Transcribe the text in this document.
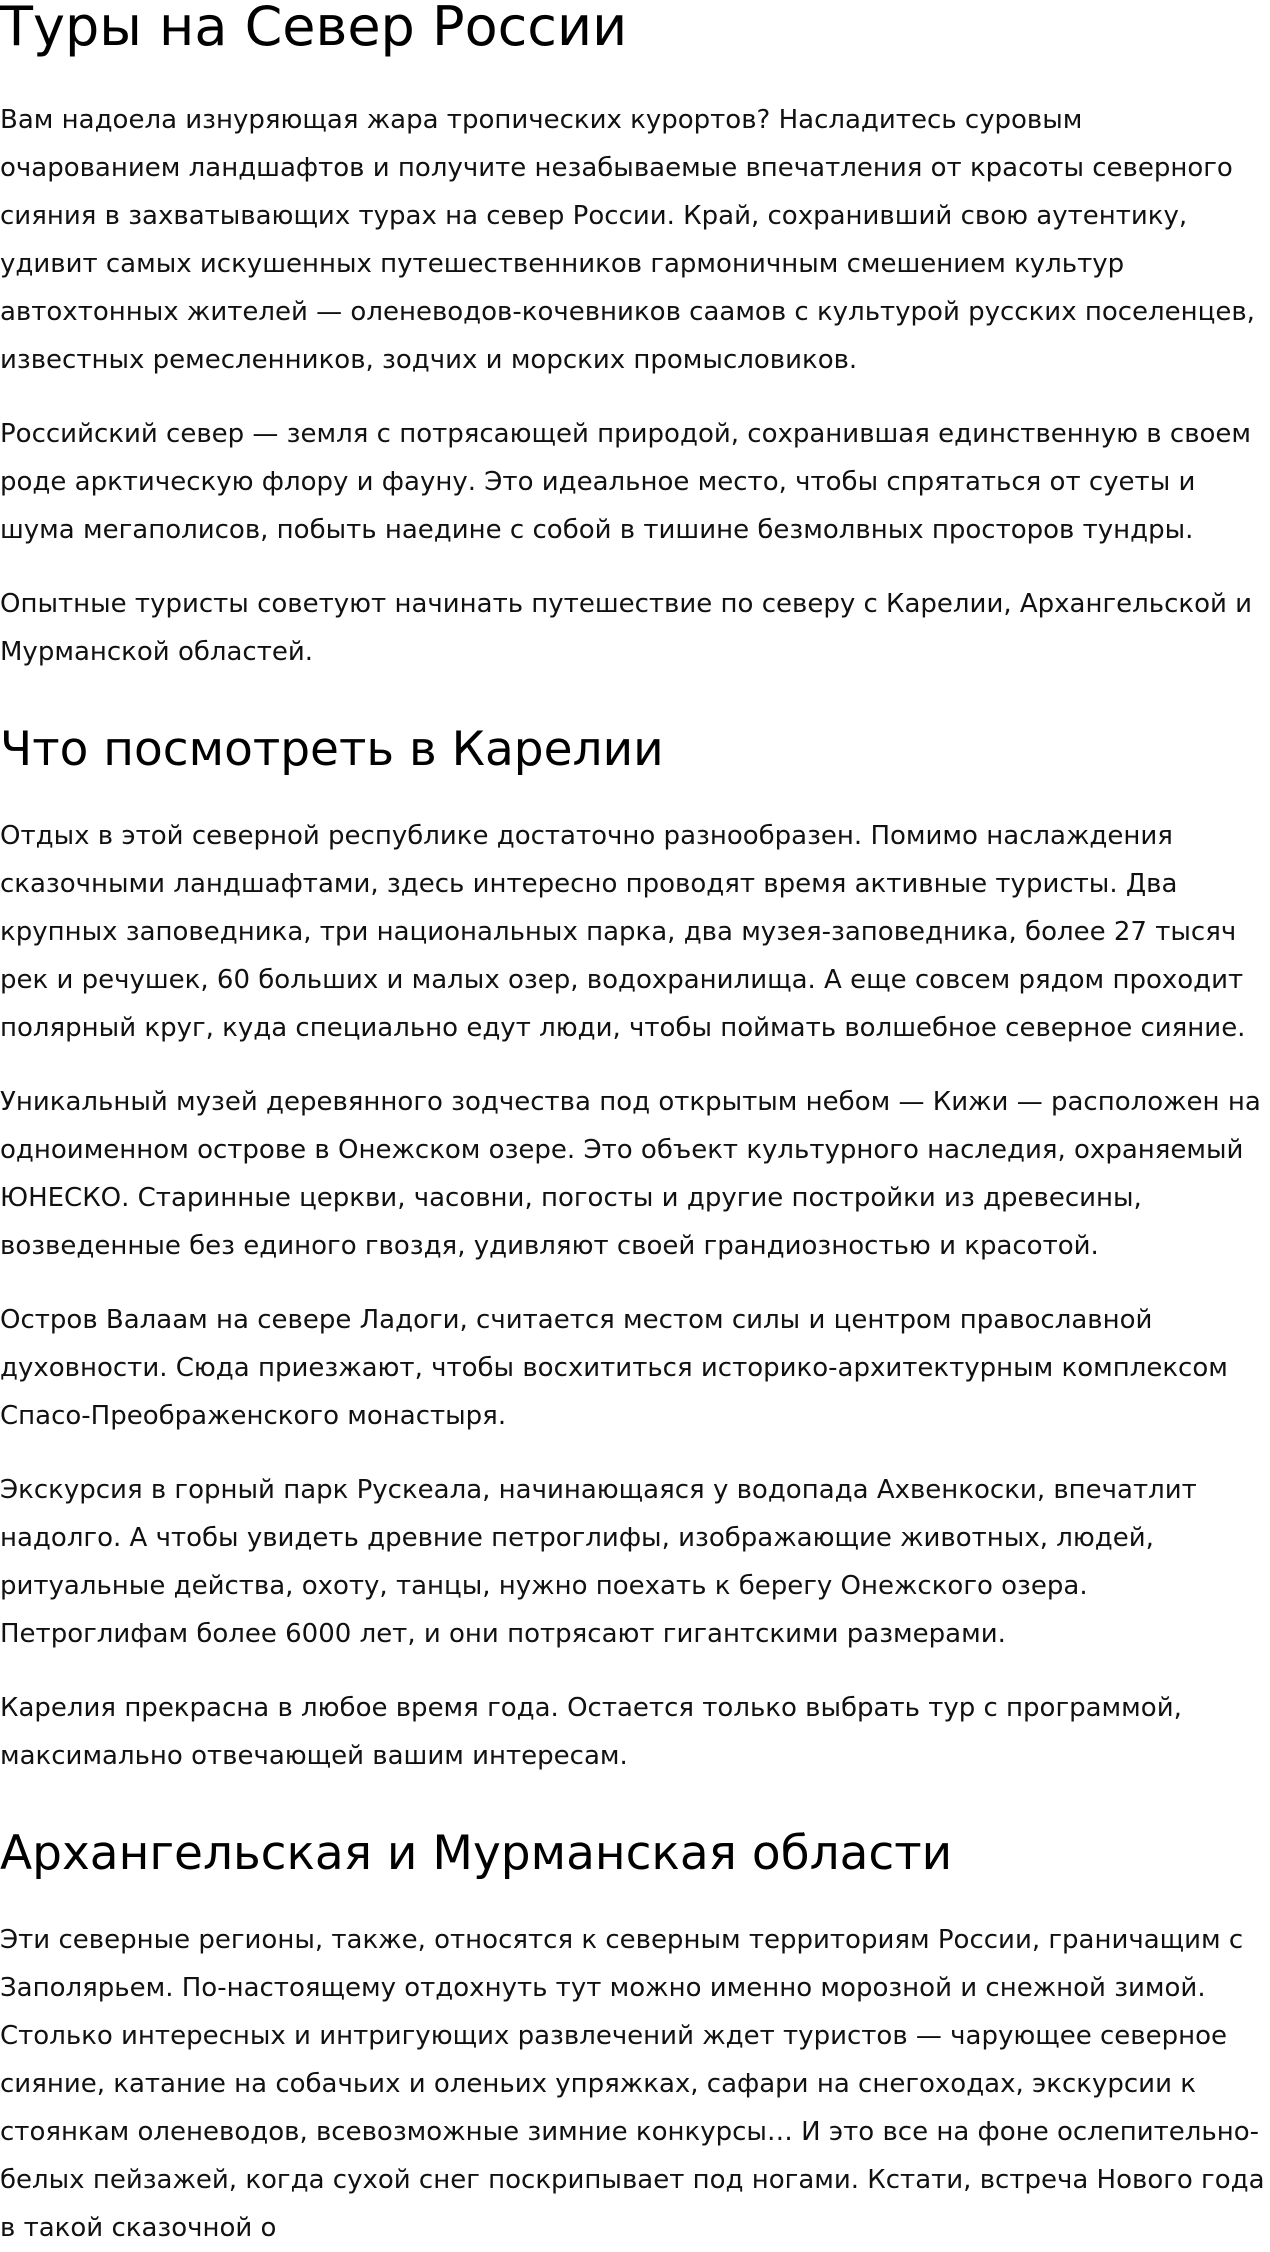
Туры на Север России

Вам надоела изнуряющая жара тропических курортов? Насладитесь суровым очарованием ландшафтов и получите незабываемые впечатления от красоты северного сияния в захватывающих турах на север России. Край, сохранивший свою аутентику, удивит самых искушенных путешественников гармоничным смешением культур автохтонных жителей — оленеводов-кочевников саамов с культурой русских поселенцев, известных ремесленников, зодчих и морских промысловиков.

Российский север — земля с потрясающей природой, сохранившая единственную в своем роде арктическую флору и фауну. Это идеальное место, чтобы спрятаться от суеты и шума мегаполисов, побыть наедине с собой в тишине безмолвных просторов тундры.

Опытные туристы советуют начинать путешествие по северу с Карелии, Архангельской и Мурманской областей.

Что посмотреть в Карелии

Отдых в этой северной республике достаточно разнообразен. Помимо наслаждения сказочными ландшафтами, здесь интересно проводят время активные туристы. Два крупных заповедника, три национальных парка, два музея-заповедника, более 27 тысяч рек и речушек, 60 больших и малых озер, водохранилища. А еще совсем рядом проходит полярный круг, куда специально едут люди, чтобы поймать волшебное северное сияние.

Уникальный музей деревянного зодчества под открытым небом — Кижи — расположен на одноименном острове в Онежском озере. Это объект культурного наследия, охраняемый ЮНЕСКО. Старинные церкви, часовни, погосты и другие постройки из древесины, возведенные без единого гвоздя, удивляют своей грандиозностью и красотой.

Остров Валаам на севере Ладоги, считается местом силы и центром православной духовности. Сюда приезжают, чтобы восхититься историко-архитектурным комплексом Спасо-Преображенского монастыря.

Экскурсия в горный парк Рускеала, начинающаяся у водопада Ахвенкоски, впечатлит надолго. А чтобы увидеть древние петроглифы, изображающие животных, людей, ритуальные действа, охоту, танцы, нужно поехать к берегу Онежского озера. Петроглифам более 6000 лет, и они потрясают гигантскими размерами.

Карелия прекрасна в любое время года. Остается только выбрать тур с программой, максимально отвечающей вашим интересам.

Архангельская и Мурманская области

Эти северные регионы, также, относятся к северным территориям России, граничащим с Заполярьем. По-настоящему отдохнуть тут можно именно морозной и снежной зимой. Столько интересных и интригующих развлечений ждет туристов — чарующее северное сияние, катание на собачьих и оленьих упряжках, сафари на снегоходах, экскурсии к стоянкам оленеводов, всевозможные зимние конкурсы… И это все на фоне ослепительно-белых пейзажей, когда сухой снег поскрипывает под ногами. Кстати, встреча Нового года в такой сказочной о
